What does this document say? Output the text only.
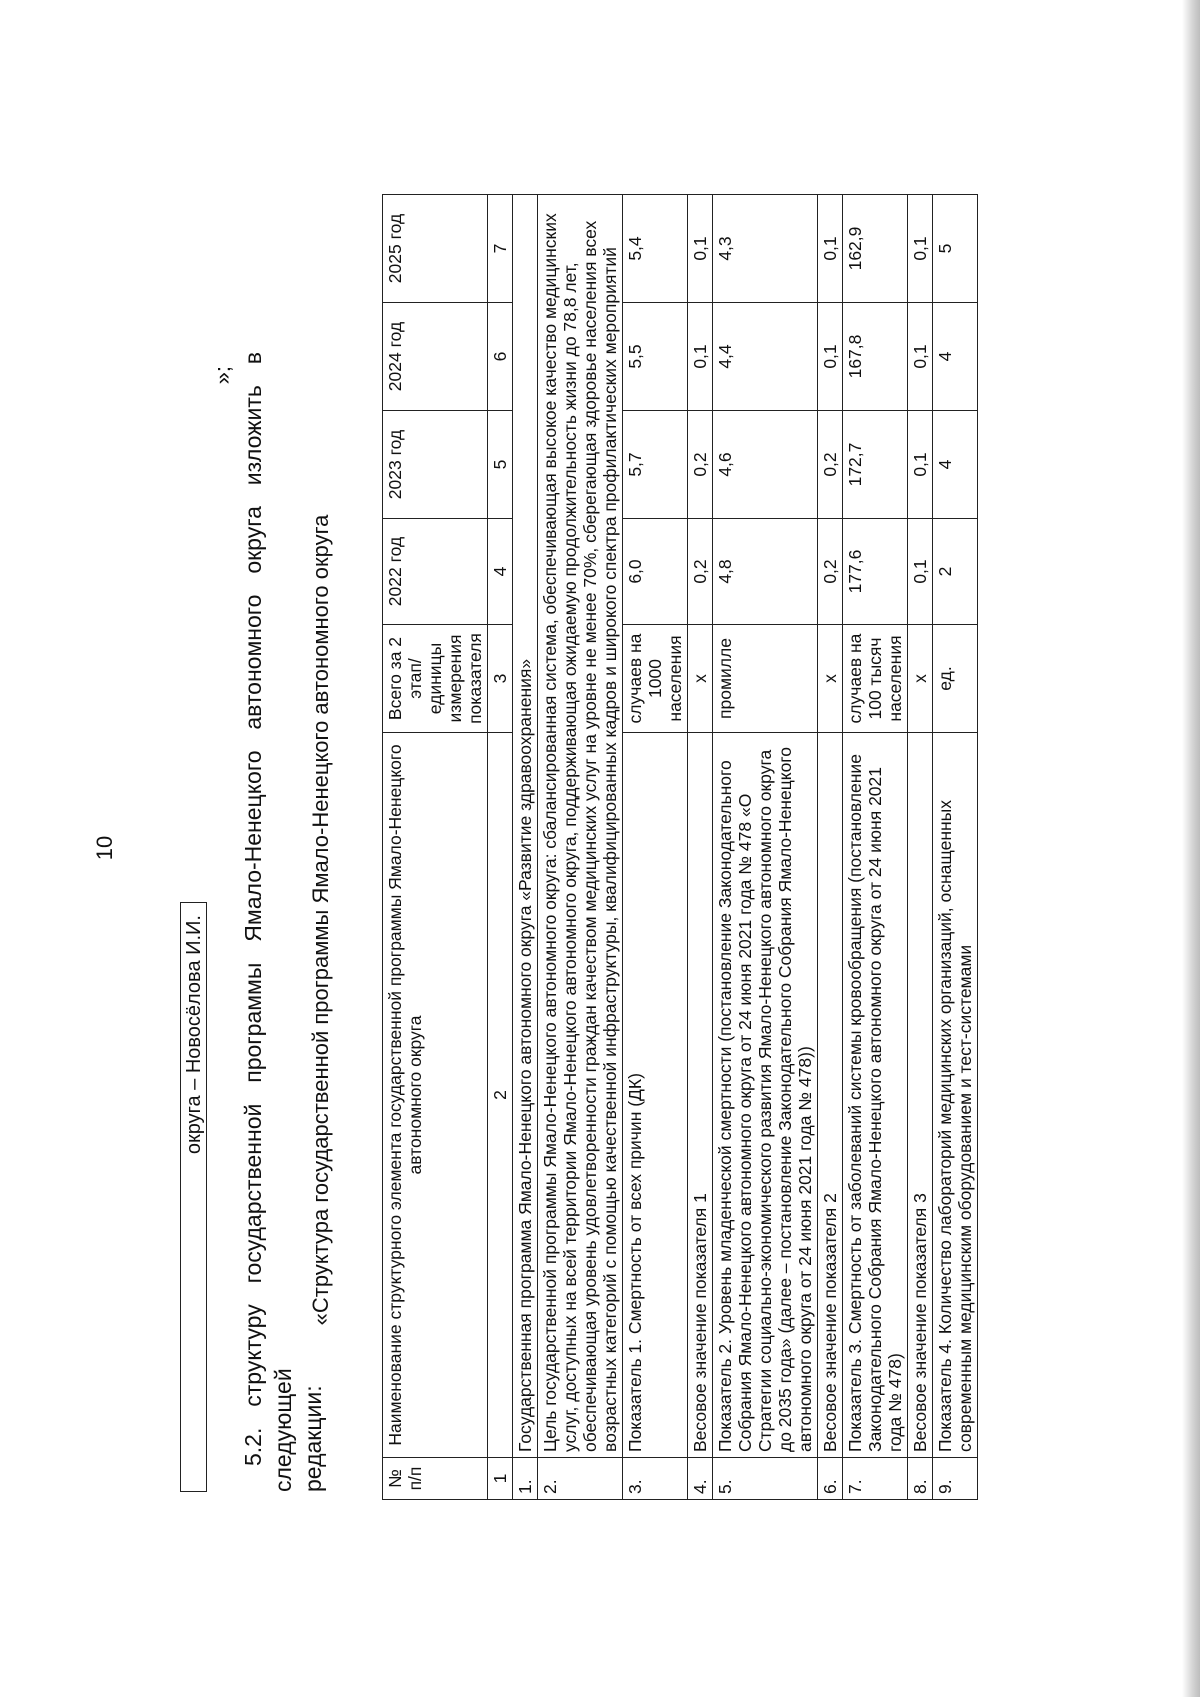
10
округа – Новосёлова И.И.
»; 5.2. структуру государственной программы Ямало-Ненецкого автономного округа изложить в следующей редакции:
«Структура государственной программы Ямало-Ненецкого автономного округа
№ п/п	Наименование структурного элемента государственной программы Ямало-Ненецкого автономного округа	Всего за 2 этап/ единицы измерения показателя	2022 год	2023 год	2024 год	2025 год
1	2	3	4	5	6	7
1.	Государственная программа Ямало-Ненецкого автономного округа «Развитие здравоохранения»					
2.	Цель государственной программы Ямало-Ненецкого автономного округа: сбалансированная система, обеспечивающая высокое качество медицинских услуг, доступных на всей территории Ямало-Ненецкого автономного округа, поддерживающая ожидаемую продолжительность жизни до 78,8 лет, обеспечивающая уровень удовлетворенности граждан качеством медицинских услуг на уровне не менее 70%, сберегающая здоровье населения всех возрастных категорий с помощью качественной инфраструктуры, квалифицированных кадров и широкого спектра профилактических мероприятий					
3.	Показатель 1. Смертность от всех причин (ДК)	случаев на 1000 населения	6,0	5,7	5,5	5,4
4.	Весовое значение показателя 1	х	0,2	0,2	0,1	0,1
5.	Показатель 2. Уровень младенческой смертности (постановление Законодательного Собрания Ямало-Ненецкого автономного округа от 24 июня 2021 года № 478 «О Стратегии социально-экономического развития Ямало-Ненецкого автономного округа до 2035 года» (далее – постановление Законодательного Собрания Ямало-Ненецкого автономного округа от 24 июня 2021 года № 478))	промилле	4,8	4,6	4,4	4,3
6.	Весовое значение показателя 2	х	0,2	0,2	0,1	0,1
7.	Показатель 3. Смертность от заболеваний системы кровообращения (постановление Законодательного Собрания Ямало-Ненецкого автономного округа от 24 июня 2021 года № 478)	случаев на 100 тысяч населения	177,6	172,7	167,8	162,9
8.	Весовое значение показателя 3	х	0,1	0,1	0,1	0,1
9.	Показатель 4. Количество лабораторий медицинских организаций, оснащенных современным медицинским оборудованием и тест-системами	ед.	2	4	4	5
